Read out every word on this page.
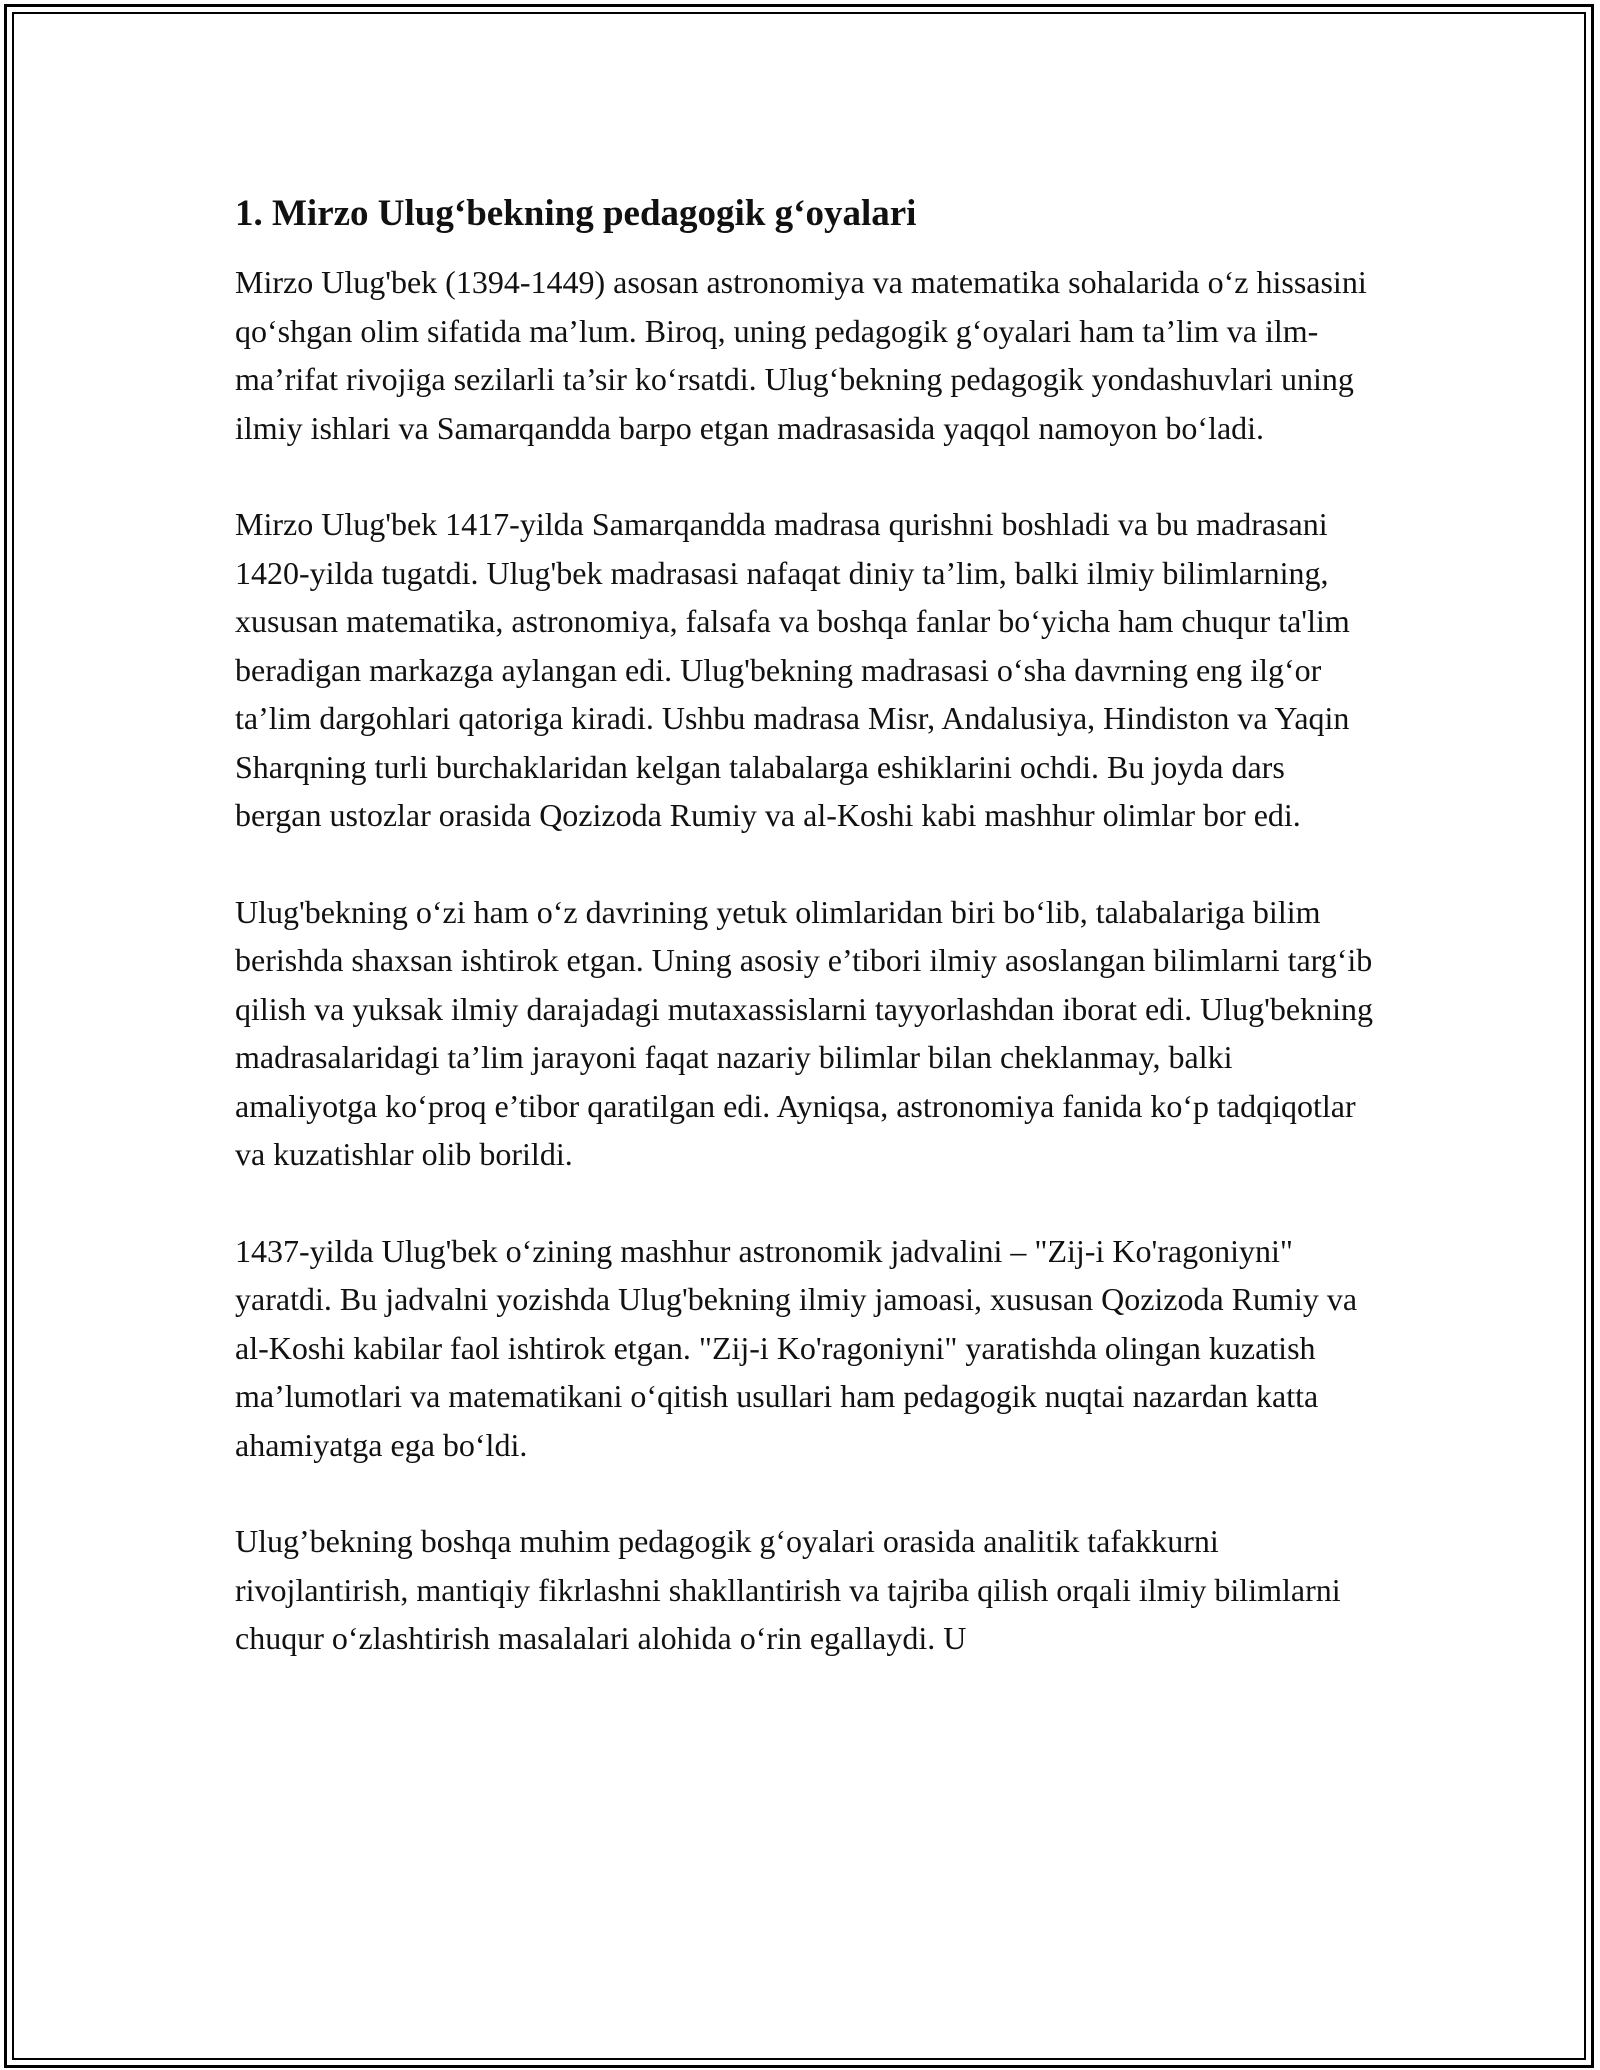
1. Mirzo Ulug‘bekning pedagogik g‘oyalari

Mirzo Ulug'bek (1394-1449) asosan astronomiya va matematika sohalarida o‘z hissasini qo‘shgan olim sifatida ma’lum. Biroq, uning pedagogik g‘oyalari ham ta’lim va ilm-ma’rifat rivojiga sezilarli ta’sir ko‘rsatdi. Ulug‘bekning pedagogik yondashuvlari uning ilmiy ishlari va Samarqandda barpo etgan madrasasida yaqqol namoyon bo‘ladi.

Mirzo Ulug'bek 1417-yilda Samarqandda madrasa qurishni boshladi va bu madrasani 1420-yilda tugatdi. Ulug'bek madrasasi nafaqat diniy ta’lim, balki ilmiy bilimlarning, xususan matematika, astronomiya, falsafa va boshqa fanlar bo‘yicha ham chuqur ta'lim beradigan markazga aylangan edi. Ulug'bekning madrasasi o‘sha davrning eng ilg‘or ta’lim dargohlari qatoriga kiradi. Ushbu madrasa Misr, Andalusiya, Hindiston va Yaqin Sharqning turli burchaklaridan kelgan talabalarga eshiklarini ochdi. Bu joyda dars bergan ustozlar orasida Qozizoda Rumiy va al-Koshi kabi mashhur olimlar bor edi.

Ulug'bekning o‘zi ham o‘z davrining yetuk olimlaridan biri bo‘lib, talabalariga bilim berishda shaxsan ishtirok etgan. Uning asosiy e’tibori ilmiy asoslangan bilimlarni targ‘ib qilish va yuksak ilmiy darajadagi mutaxassislarni tayyorlashdan iborat edi. Ulug'bekning madrasalaridagi ta’lim jarayoni faqat nazariy bilimlar bilan cheklanmay, balki amaliyotga ko‘proq e’tibor qaratilgan edi. Ayniqsa, astronomiya fanida ko‘p tadqiqotlar va kuzatishlar olib borildi.

1437-yilda Ulug'bek o‘zining mashhur astronomik jadvalini – "Zij-i Ko'ragoniyni" yaratdi. Bu jadvalni yozishda Ulug'bekning ilmiy jamoasi, xususan Qozizoda Rumiy va al-Koshi kabilar faol ishtirok etgan. "Zij-i Ko'ragoniyni" yaratishda olingan kuzatish ma’lumotlari va matematikani o‘qitish usullari ham pedagogik nuqtai nazardan katta ahamiyatga ega bo‘ldi.

Ulug’bekning boshqa muhim pedagogik g‘oyalari orasida analitik tafakkurni rivojlantirish, mantiqiy fikrlashni shakllantirish va tajriba qilish orqali ilmiy bilimlarni chuqur o‘zlashtirish masalalari alohida o‘rin egallaydi. U
